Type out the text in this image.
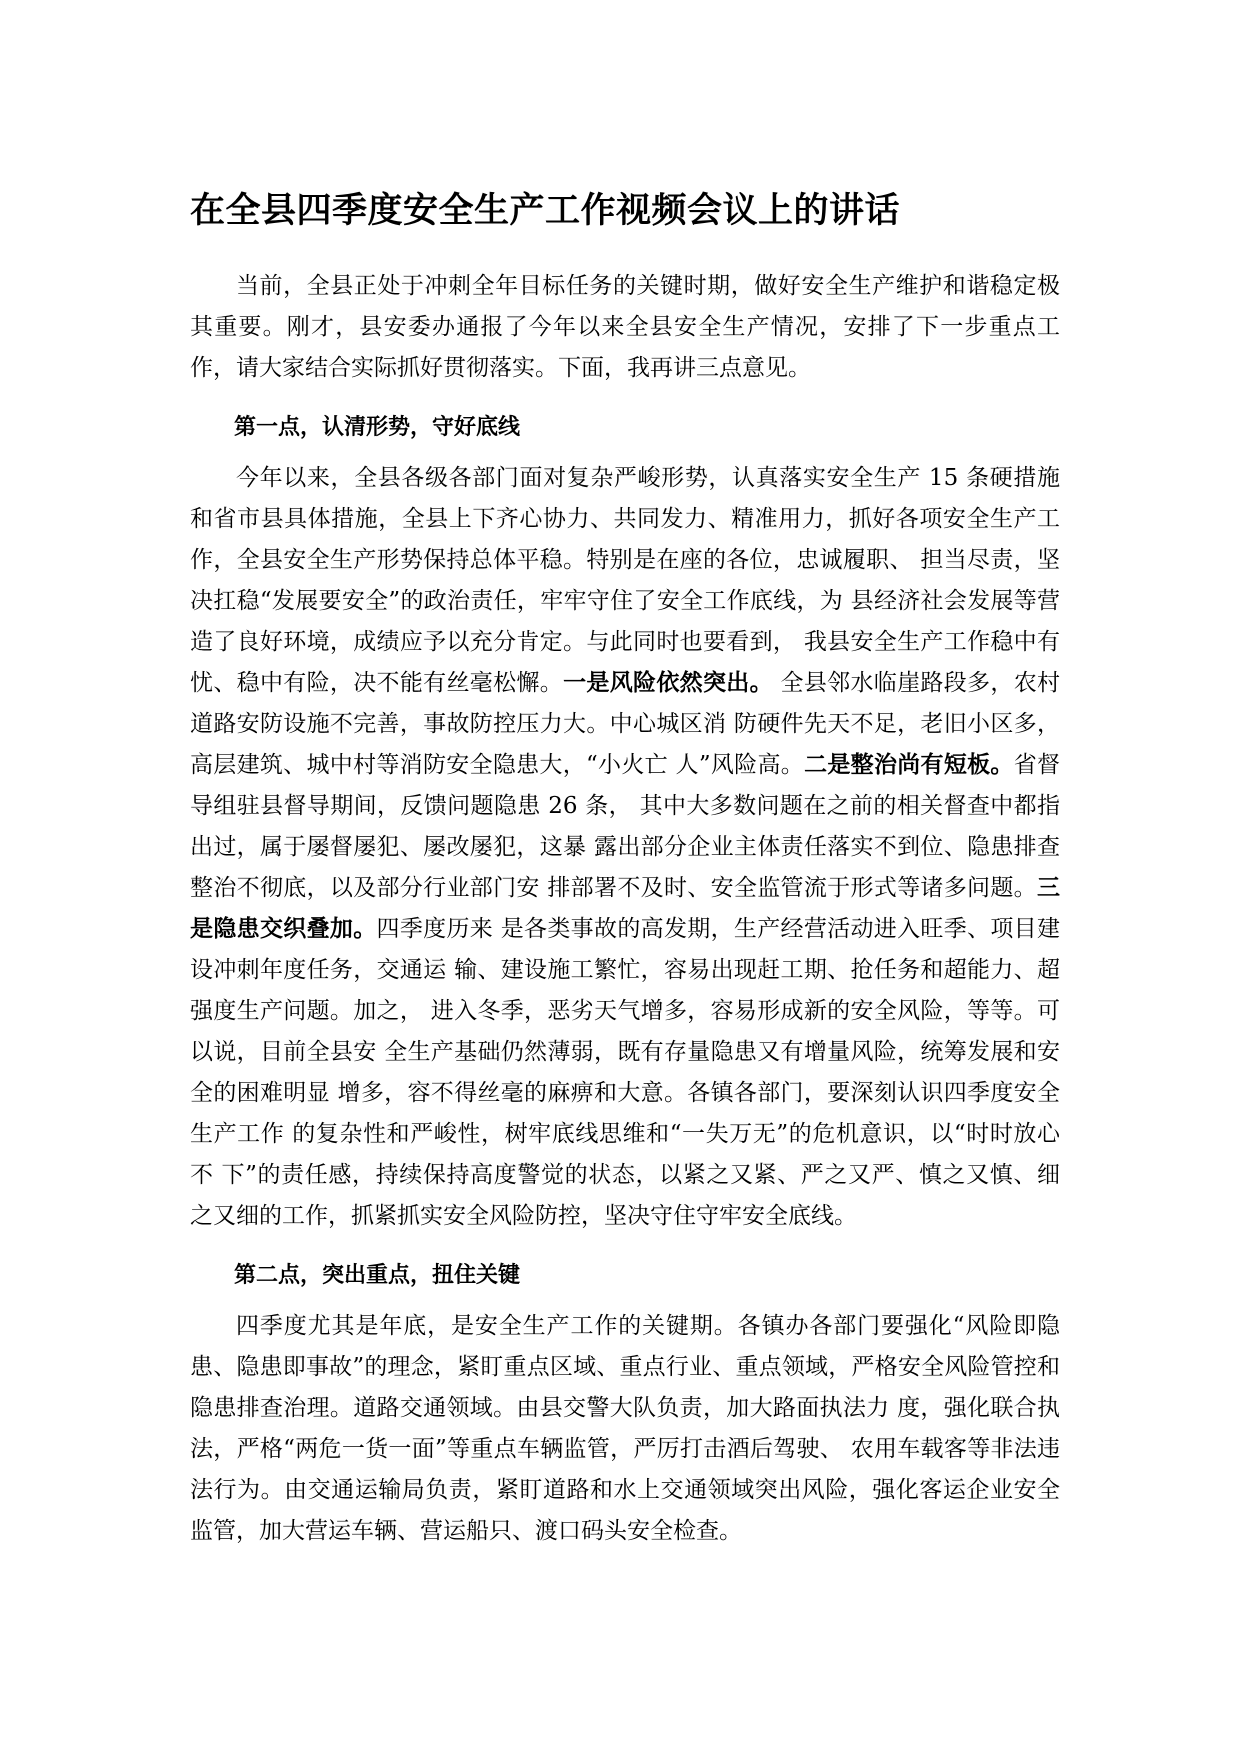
在全县四季度安全生产工作视频会议上的讲话

当前，全县正处于冲刺全年目标任务的关键时期，做好安全生产维护和谐稳定极其重要。刚才，县安委办通报了今年以来全县安全生产情况，安排了下一步重点工作，请大家结合实际抓好贯彻落实。下面，我再讲三点意见。

第一点，认清形势，守好底线

今年以来，全县各级各部门面对复杂严峻形势，认真落实安全生产 15 条硬措施和省市县具体措施，全县上下齐心协力、共同发力、精准用力，抓好各项安全生产工作，全县安全生产形势保持总体平稳。特别是在座的各位，忠诚履职、 担当尽责，坚决扛稳“发展要安全”的政治责任，牢牢守住了安全工作底线，为 县经济社会发展等营造了良好环境，成绩应予以充分肯定。与此同时也要看到， 我县安全生产工作稳中有忧、稳中有险，决不能有丝毫松懈。一是风险依然突出。 全县邻水临崖路段多，农村道路安防设施不完善，事故防控压力大。中心城区消 防硬件先天不足，老旧小区多，高层建筑、城中村等消防安全隐患大，“小火亡 人”风险高。二是整治尚有短板。省督导组驻县督导期间，反馈问题隐患 26 条， 其中大多数问题在之前的相关督查中都指出过，属于屡督屡犯、屡改屡犯，这暴 露出部分企业主体责任落实不到位、隐患排查整治不彻底，以及部分行业部门安 排部署不及时、安全监管流于形式等诸多问题。三是隐患交织叠加。四季度历来 是各类事故的高发期，生产经营活动进入旺季、项目建设冲刺年度任务，交通运 输、建设施工繁忙，容易出现赶工期、抢任务和超能力、超强度生产问题。加之， 进入冬季，恶劣天气增多，容易形成新的安全风险，等等。可以说，目前全县安 全生产基础仍然薄弱，既有存量隐患又有增量风险，统筹发展和安全的困难明显 增多，容不得丝毫的麻痹和大意。各镇各部门，要深刻认识四季度安全生产工作 的复杂性和严峻性，树牢底线思维和“一失万无”的危机意识，以“时时放心不 下”的责任感，持续保持高度警觉的状态，以紧之又紧、严之又严、慎之又慎、细之又细的工作，抓紧抓实安全风险防控，坚决守住守牢安全底线。

第二点，突出重点，扭住关键

四季度尤其是年底，是安全生产工作的关键期。各镇办各部门要强化“风险即隐患、隐患即事故”的理念，紧盯重点区域、重点行业、重点领域，严格安全风险管控和隐患排查治理。道路交通领域。由县交警大队负责，加大路面执法力 度，强化联合执法，严格“两危一货一面”等重点车辆监管，严厉打击酒后驾驶、 农用车载客等非法违法行为。由交通运输局负责，紧盯道路和水上交通领域突出风险，强化客运企业安全监管，加大营运车辆、营运船只、渡口码头安全检查。
